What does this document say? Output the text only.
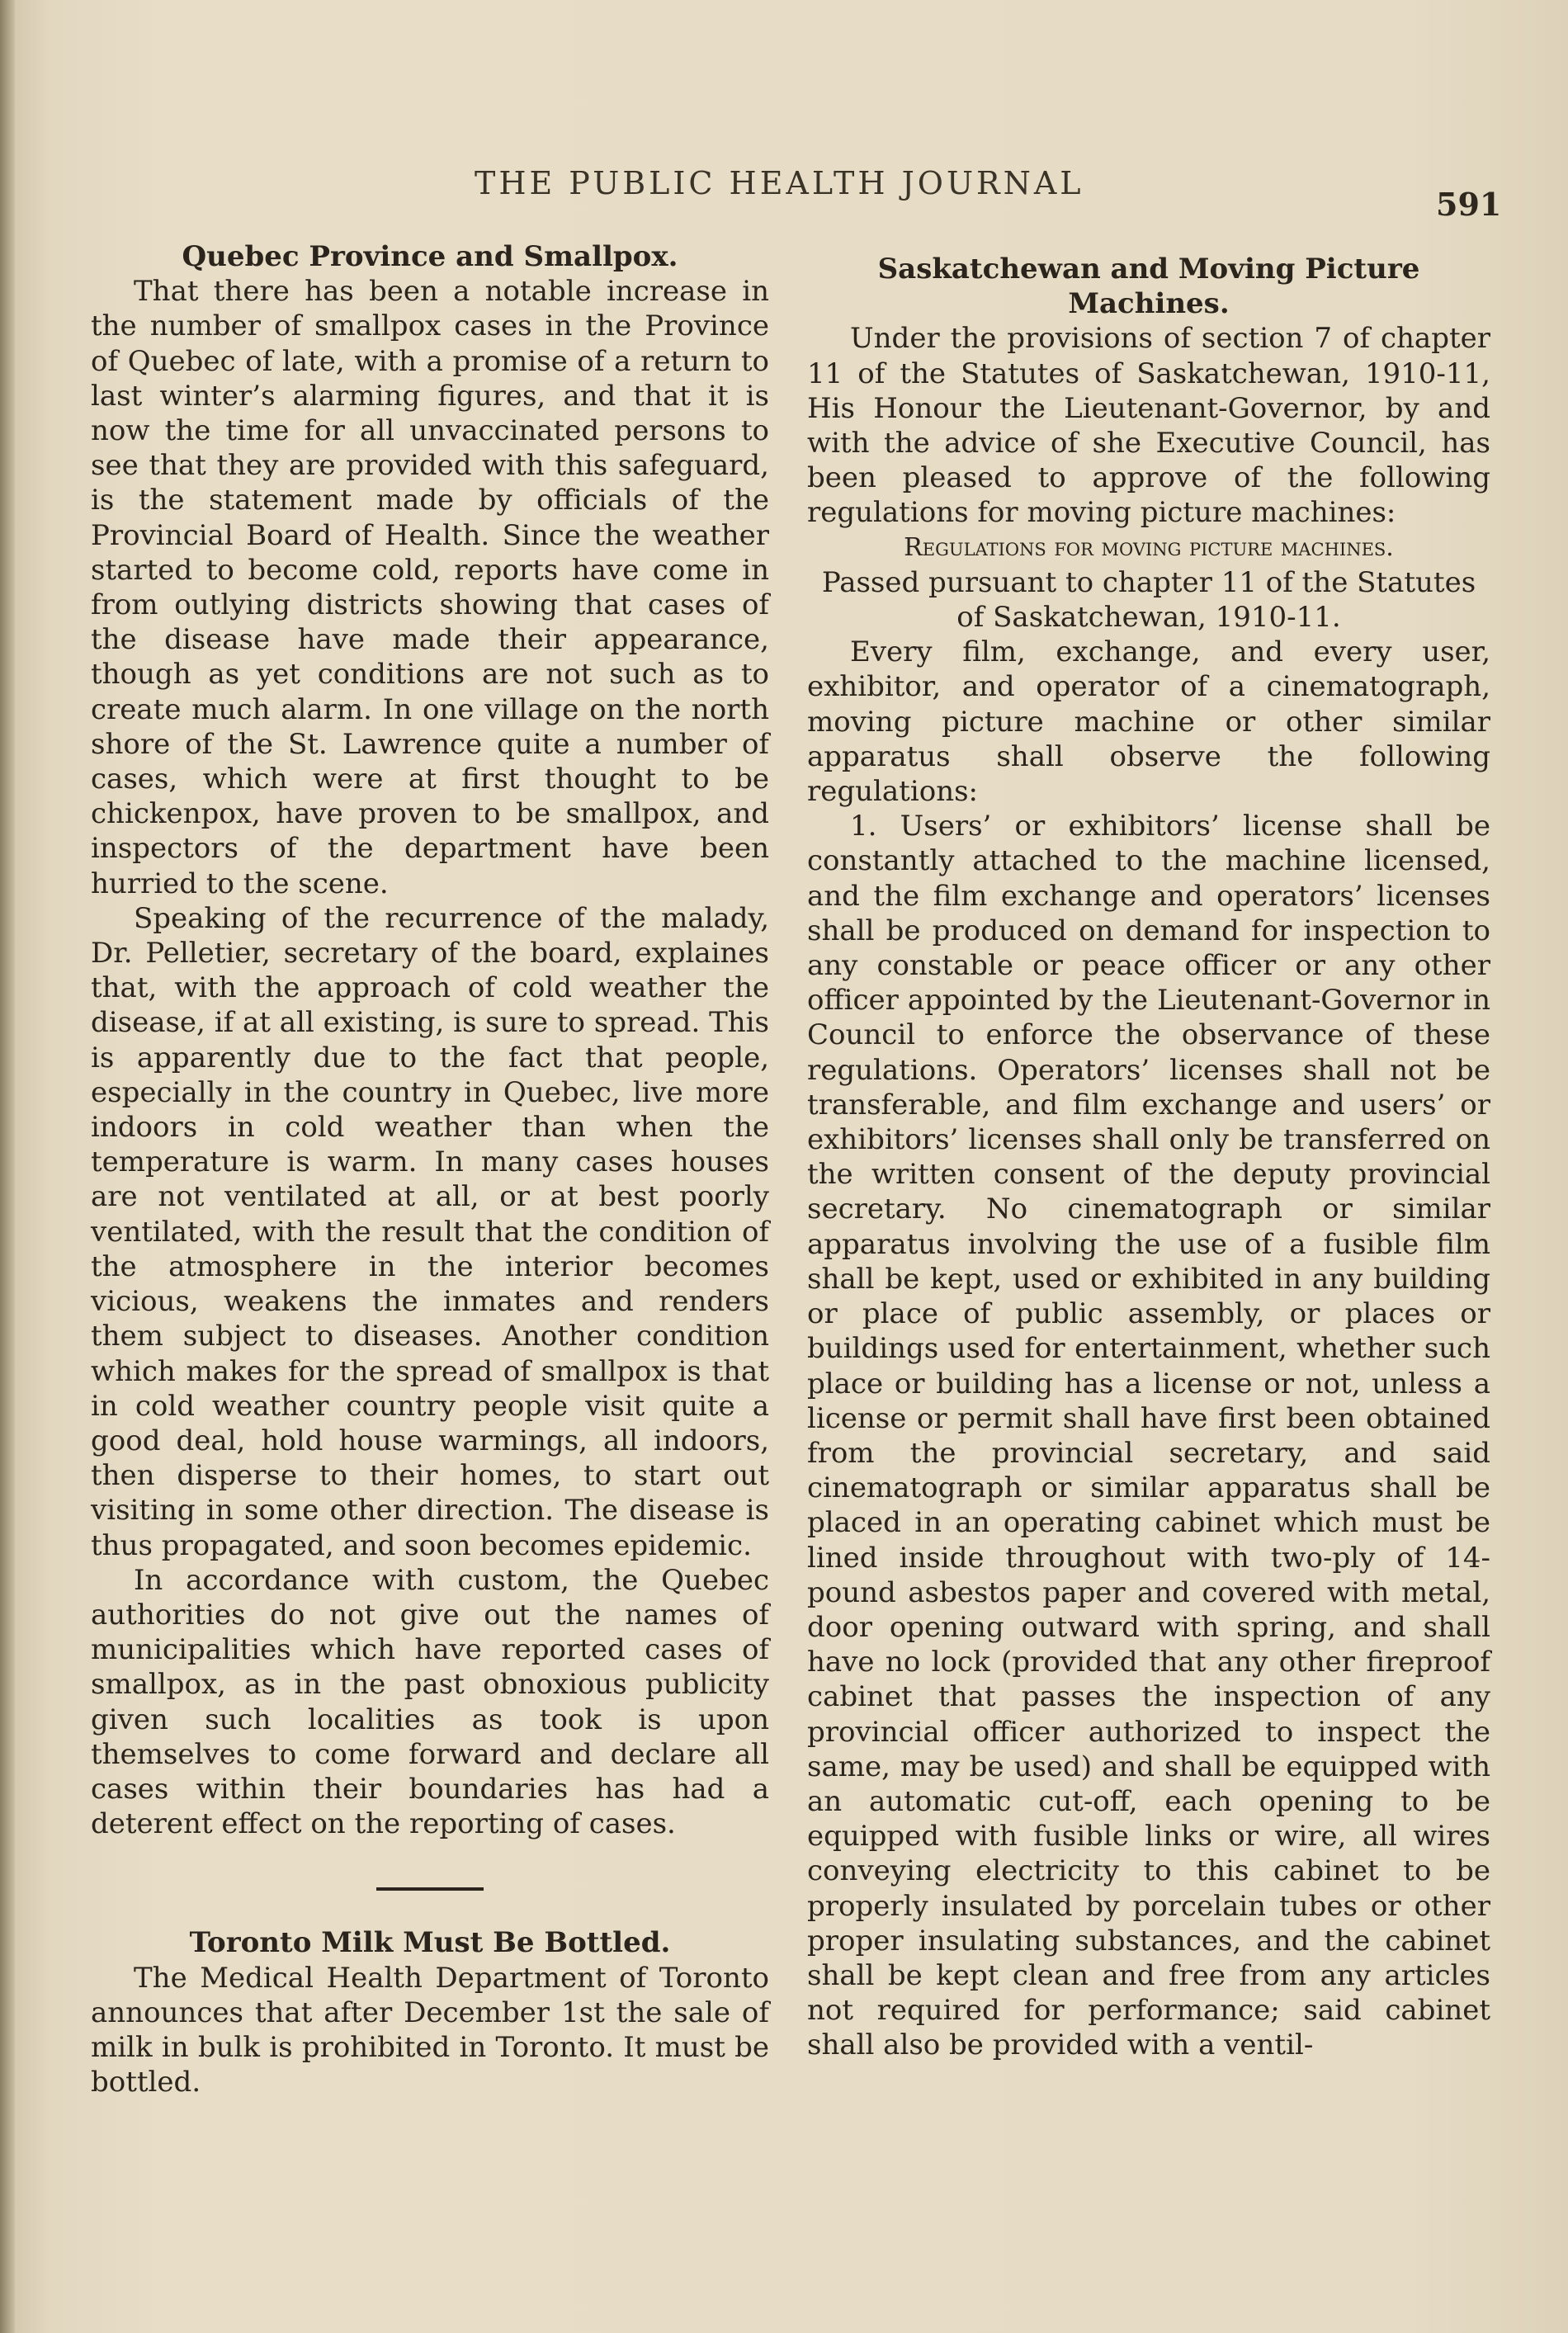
THE PUBLIC HEALTH JOURNAL
591

Quebec Province and Smallpox.

That there has been a notable increase in the number of smallpox cases in the Province of Quebec of late, with a promise of a return to last winter’s alarming figures, and that it is now the time for all unvaccinated persons to see that they are provided with this safeguard, is the statement made by officials of the Provincial Board of Health. Since the weather started to become cold, reports have come in from outlying districts showing that cases of the disease have made their appearance, though as yet conditions are not such as to create much alarm. In one village on the north shore of the St. Lawrence quite a number of cases, which were at first thought to be chickenpox, have proven to be smallpox, and inspectors of the department have been hurried to the scene.

Speaking of the recurrence of the malady, Dr. Pelletier, secretary of the board, explaines that, with the approach of cold weather the disease, if at all existing, is sure to spread. This is apparently due to the fact that people, especially in the country in Quebec, live more indoors in cold weather than when the temperature is warm. In many cases houses are not ventilated at all, or at best poorly ventilated, with the result that the condition of the atmosphere in the interior becomes vicious, weakens the inmates and renders them subject to diseases. Another condition which makes for the spread of smallpox is that in cold weather country people visit quite a good deal, hold house warmings, all indoors, then disperse to their homes, to start out visiting in some other direction. The disease is thus propagated, and soon becomes epidemic.

In accordance with custom, the Quebec authorities do not give out the names of municipalities which have reported cases of smallpox, as in the past obnoxious publicity given such localities as took is upon themselves to come forward and declare all cases within their boundaries has had a deterent effect on the reporting of cases.

Toronto Milk Must Be Bottled.

The Medical Health Department of Toronto announces that after December 1st the sale of milk in bulk is prohibited in Toronto. It must be bottled.

Saskatchewan and Moving Picture Machines.

Under the provisions of section 7 of chapter 11 of the Statutes of Saskatchewan, 1910-11, His Honour the Lieutenant-Governor, by and with the advice of she Executive Council, has been pleased to approve of the following regulations for moving picture machines:

Regulations for moving picture machines.

Passed pursuant to chapter 11 of the Statutes of Saskatchewan, 1910-11.

Every film, exchange, and every user, exhibitor, and operator of a cinematograph, moving picture machine or other similar apparatus shall observe the following regulations:

1. Users’ or exhibitors’ license shall be constantly attached to the machine licensed, and the film exchange and operators’ licenses shall be produced on demand for inspection to any constable or peace officer or any other officer appointed by the Lieutenant-Governor in Council to enforce the observance of these regulations. Operators’ licenses shall not be transferable, and film exchange and users’ or exhibitors’ licenses shall only be transferred on the written consent of the deputy provincial secretary. No cinematograph or similar apparatus involving the use of a fusible film shall be kept, used or exhibited in any building or place of public assembly, or places or buildings used for entertainment, whether such place or building has a license or not, unless a license or permit shall have first been obtained from the provincial secretary, and said cinematograph or similar apparatus shall be placed in an operating cabinet which must be lined inside throughout with two-ply of 14-pound asbestos paper and covered with metal, door opening outward with spring, and shall have no lock (provided that any other fireproof cabinet that passes the inspection of any provincial officer authorized to inspect the same, may be used) and shall be equipped with an automatic cut-off, each opening to be equipped with fusible links or wire, all wires conveying electricity to this cabinet to be properly insulated by porcelain tubes or other proper insulating substances, and the cabinet shall be kept clean and free from any articles not required for performance; said cabinet shall also be provided with a ventil-
